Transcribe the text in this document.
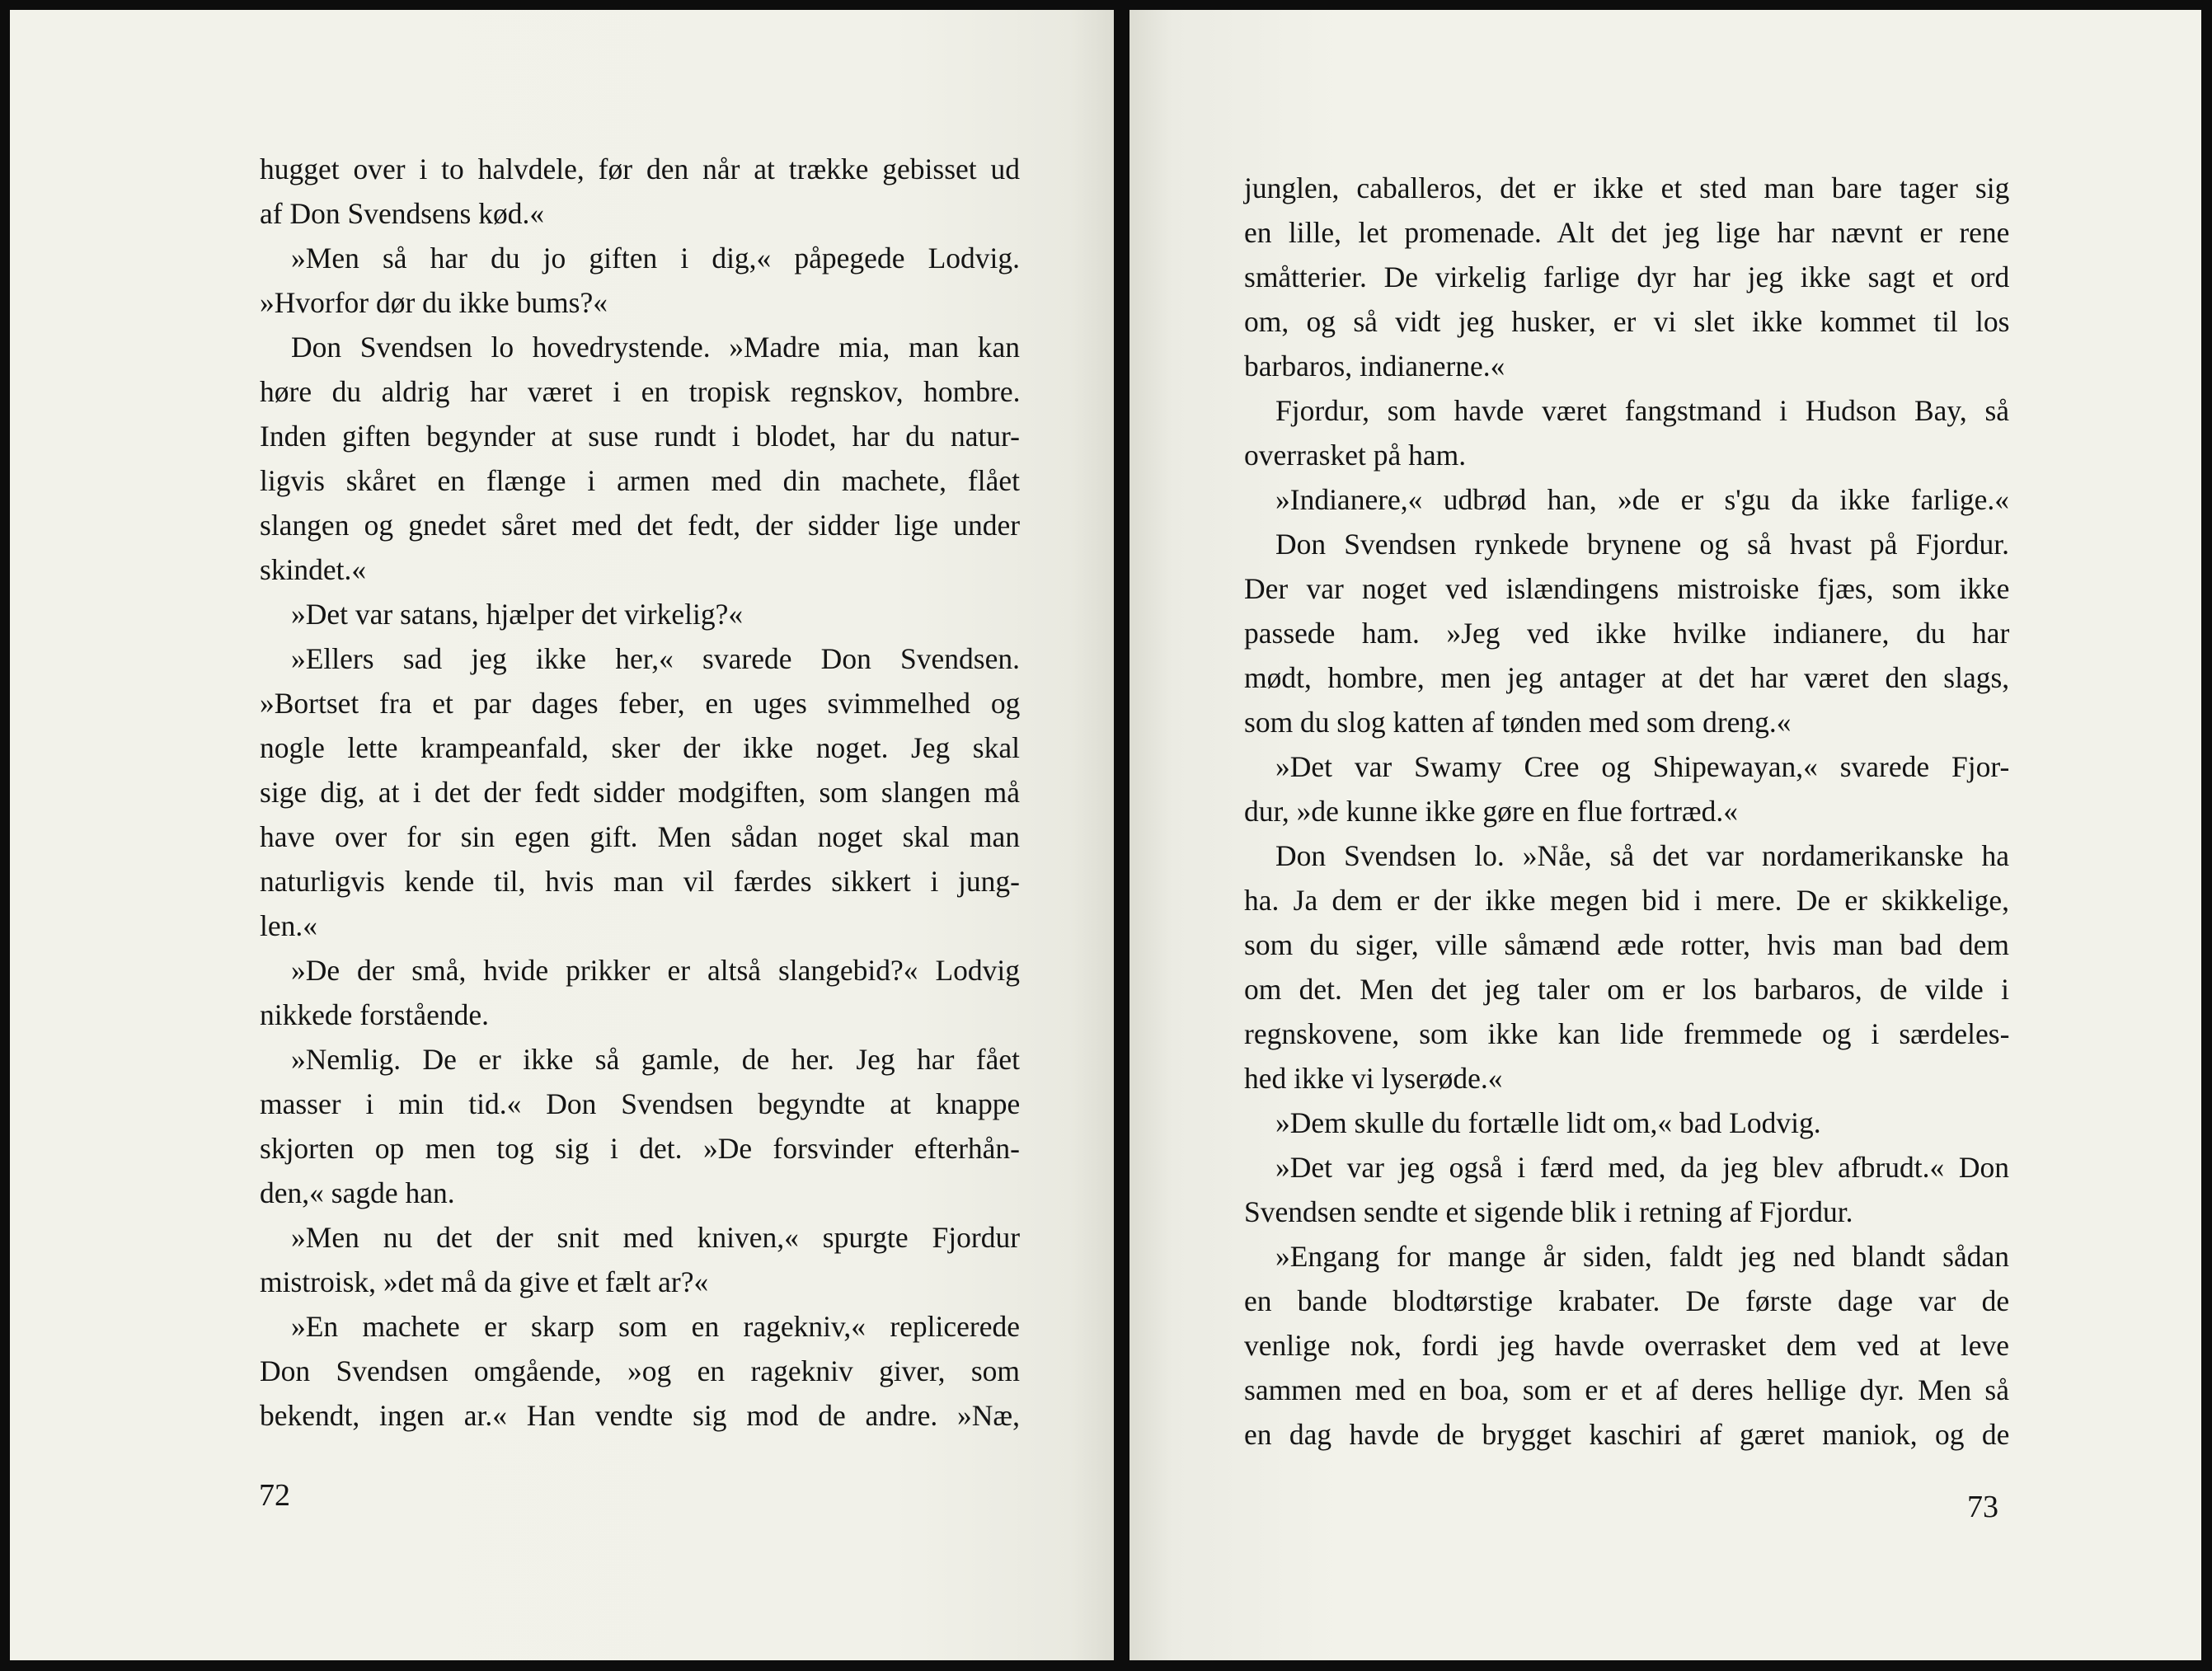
hugget over i to halvdele, før den når at trække gebisset ud
af Don Svendsens kød.«
»Men så har du jo giften i dig,« påpegede Lodvig.
»Hvorfor dør du ikke bums?«
Don Svendsen lo hovedrystende. »Madre mia, man kan
høre du aldrig har været i en tropisk regnskov, hombre.
Inden giften begynder at suse rundt i blodet, har du natur-
ligvis skåret en flænge i armen med din machete, flået
slangen og gnedet såret med det fedt, der sidder lige under
skindet.«
»Det var satans, hjælper det virkelig?«
»Ellers sad jeg ikke her,« svarede Don Svendsen.
»Bortset fra et par dages feber, en uges svimmelhed og
nogle lette krampeanfald, sker der ikke noget. Jeg skal
sige dig, at i det der fedt sidder modgiften, som slangen må
have over for sin egen gift. Men sådan noget skal man
naturligvis kende til, hvis man vil færdes sikkert i jung-
len.«
»De der små, hvide prikker er altså slangebid?« Lodvig
nikkede forstående.
»Nemlig. De er ikke så gamle, de her. Jeg har fået
masser i min tid.« Don Svendsen begyndte at knappe
skjorten op men tog sig i det. »De forsvinder efterhån-
den,« sagde han.
»Men nu det der snit med kniven,« spurgte Fjordur
mistroisk, »det må da give et fælt ar?«
»En machete er skarp som en ragekniv,« replicerede
Don Svendsen omgående, »og en ragekniv giver, som
bekendt, ingen ar.« Han vendte sig mod de andre. »Næ,
72
junglen, caballeros, det er ikke et sted man bare tager sig
en lille, let promenade. Alt det jeg lige har nævnt er rene
småtterier. De virkelig farlige dyr har jeg ikke sagt et ord
om, og så vidt jeg husker, er vi slet ikke kommet til los
barbaros, indianerne.«
Fjordur, som havde været fangstmand i Hudson Bay, så
overrasket på ham.
»Indianere,« udbrød han, »de er s'gu da ikke farlige.«
Don Svendsen rynkede brynene og så hvast på Fjordur.
Der var noget ved islændingens mistroiske fjæs, som ikke
passede ham. »Jeg ved ikke hvilke indianere, du har
mødt, hombre, men jeg antager at det har været den slags,
som du slog katten af tønden med som dreng.«
»Det var Swamy Cree og Shipewayan,« svarede Fjor-
dur, »de kunne ikke gøre en flue fortræd.«
Don Svendsen lo. »Nåe, så det var nordamerikanske ha
ha. Ja dem er der ikke megen bid i mere. De er skikkelige,
som du siger, ville såmænd æde rotter, hvis man bad dem
om det. Men det jeg taler om er los barbaros, de vilde i
regnskovene, som ikke kan lide fremmede og i særdeles-
hed ikke vi lyserøde.«
»Dem skulle du fortælle lidt om,« bad Lodvig.
»Det var jeg også i færd med, da jeg blev afbrudt.« Don
Svendsen sendte et sigende blik i retning af Fjordur.
»Engang for mange år siden, faldt jeg ned blandt sådan
en bande blodtørstige krabater. De første dage var de
venlige nok, fordi jeg havde overrasket dem ved at leve
sammen med en boa, som er et af deres hellige dyr. Men så
en dag havde de brygget kaschiri af gæret maniok, og de
73
